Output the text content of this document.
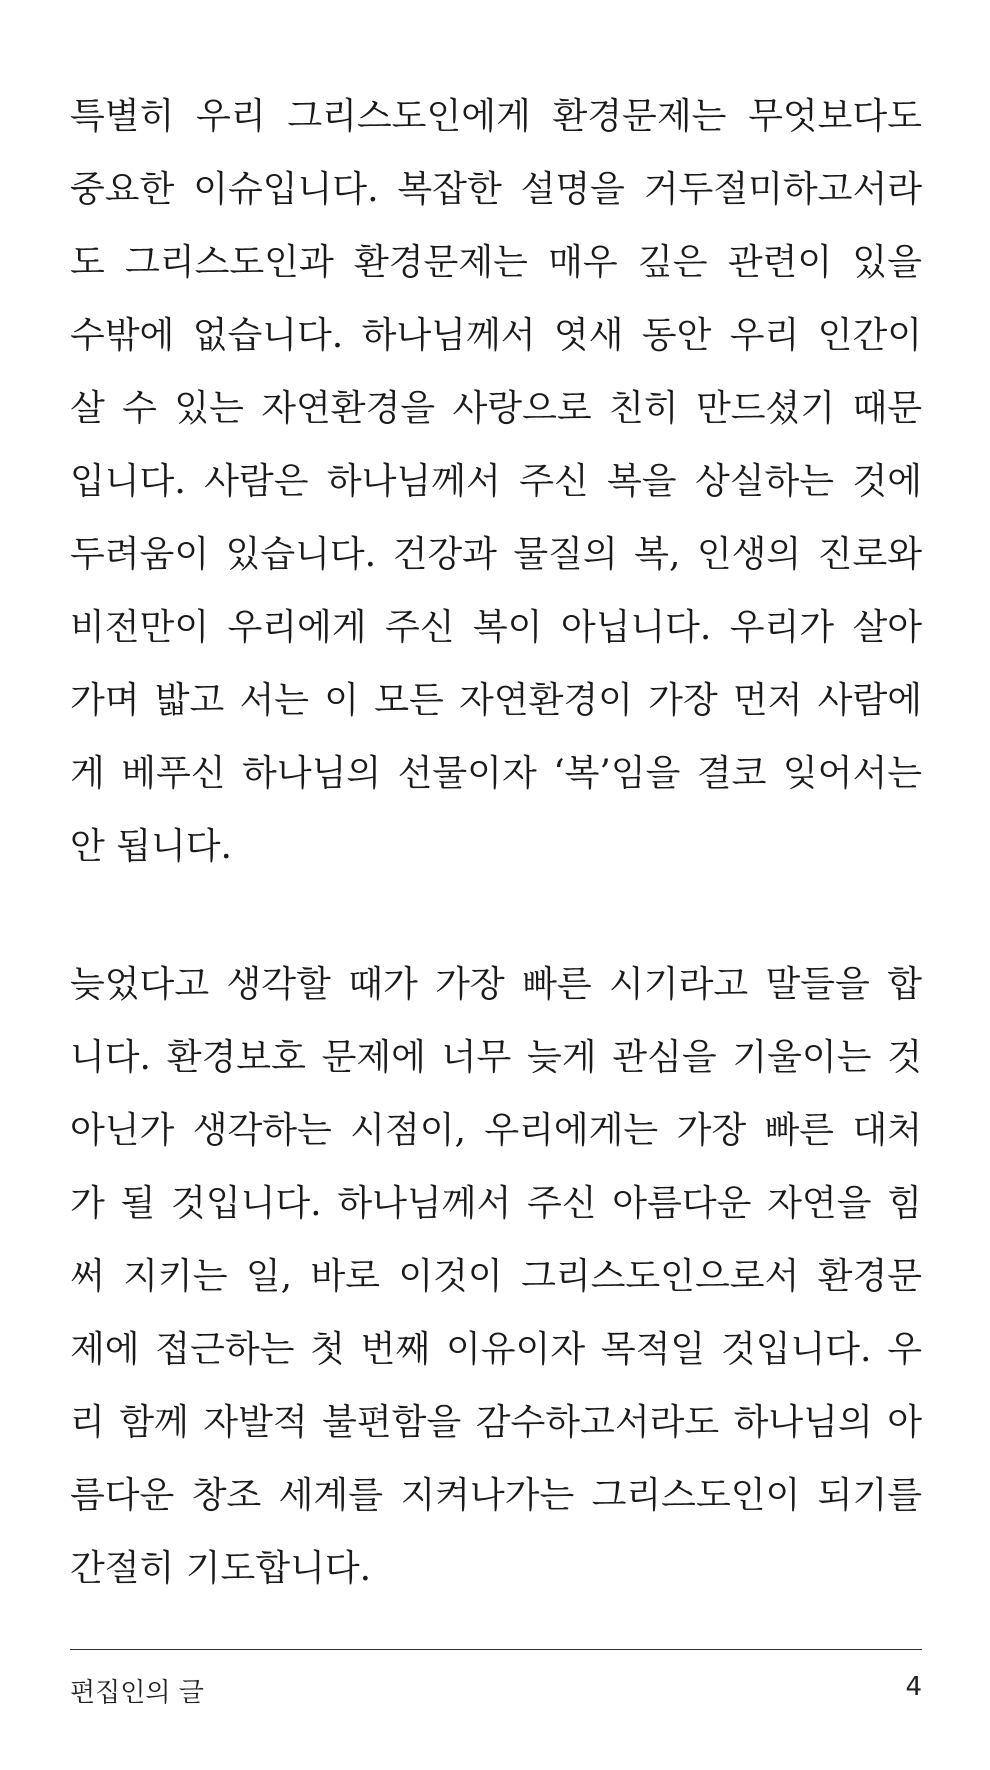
특별히 우리 그리스도인에게 환경문제는 무엇보다도
중요한 이슈입니다. 복잡한 설명을 거두절미하고서라
도 그리스도인과 환경문제는 매우 깊은 관련이 있을
수밖에 없습니다. 하나님께서 엿새 동안 우리 인간이
살 수 있는 자연환경을 사랑으로 친히 만드셨기 때문
입니다. 사람은 하나님께서 주신 복을 상실하는 것에
두려움이 있습니다. 건강과 물질의 복, 인생의 진로와
비전만이 우리에게 주신 복이 아닙니다. 우리가 살아
가며 밟고 서는 이 모든 자연환경이 가장 먼저 사람에
게 베푸신 하나님의 선물이자 ‘복’임을 결코 잊어서는
안 됩니다.

늦었다고 생각할 때가 가장 빠른 시기라고 말들을 합
니다. 환경보호 문제에 너무 늦게 관심을 기울이는 것
아닌가 생각하는 시점이, 우리에게는 가장 빠른 대처
가 될 것입니다. 하나님께서 주신 아름다운 자연을 힘
써 지키는 일, 바로 이것이 그리스도인으로서 환경문
제에 접근하는 첫 번째 이유이자 목적일 것입니다. 우
리 함께 자발적 불편함을 감수하고서라도 하나님의 아
름다운 창조 세계를 지켜나가는 그리스도인이 되기를
간절히 기도합니다.

편집인의 글	4
